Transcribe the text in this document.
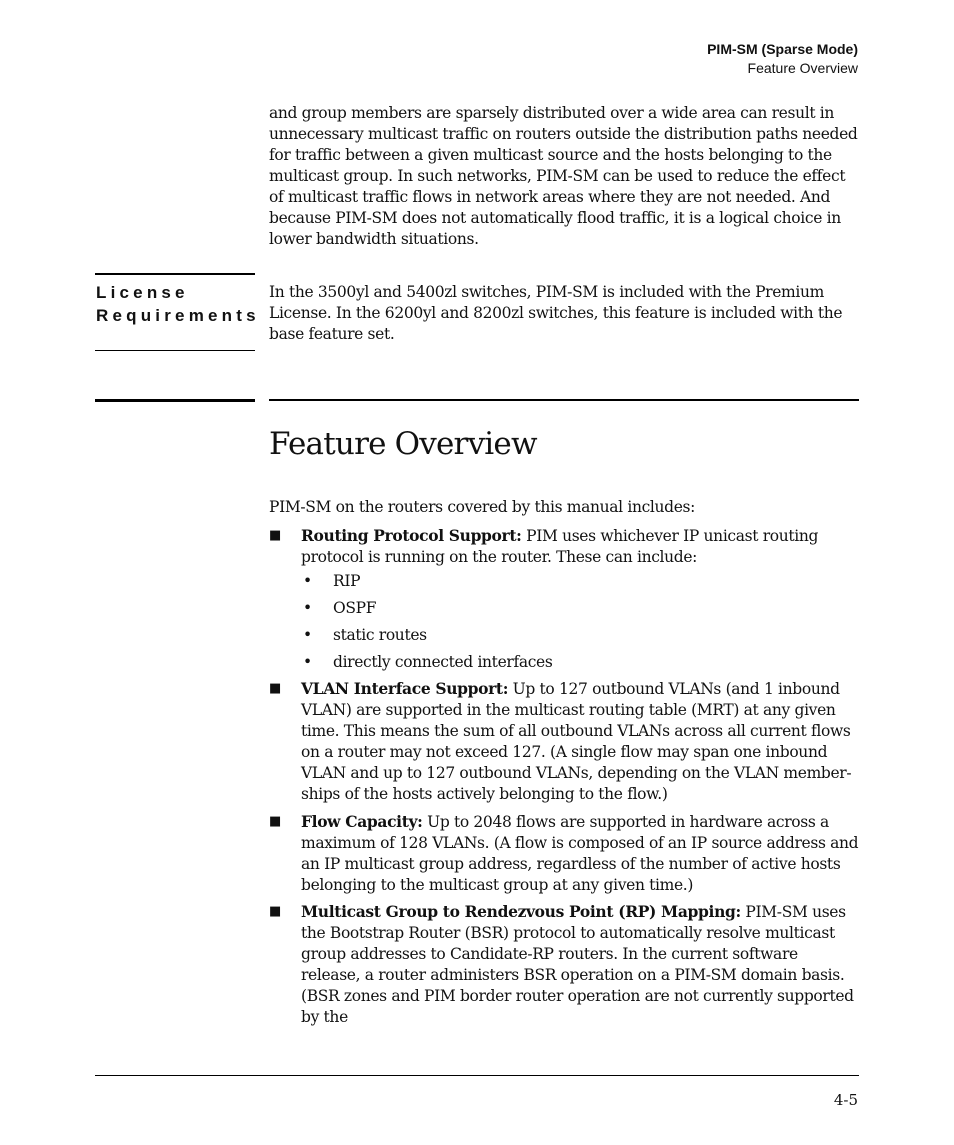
PIM-SM (Sparse Mode)
Feature Overview

and group members are sparsely distributed over a wide area can result in unnecessary multicast traffic on routers outside the distribution paths needed for traffic between a given multicast source and the hosts belonging to the multicast group. In such networks, PIM-SM can be used to reduce the effect of multicast traffic flows in network areas where they are not needed. And because PIM-SM does not automatically flood traffic, it is a logical choice in lower bandwidth situations.

License
Requirements

In the 3500yl and 5400zl switches, PIM-SM is included with the Premium License. In the 6200yl and 8200zl switches, this feature is included with the base feature set.

Feature Overview

PIM-SM on the routers covered by this manual includes:

■ Routing Protocol Support: PIM uses whichever IP unicast routing protocol is running on the router. These can include:

• RIP
• OSPF
• static routes
• directly connected interfaces
■ VLAN Interface Support: Up to 127 outbound VLANs (and 1 inbound VLAN) are supported in the multicast routing table (MRT) at any given time. This means the sum of all outbound VLANs across all current flows on a router may not exceed 127. (A single flow may span one inbound VLAN and up to 127 outbound VLANs, depending on the VLAN member-ships of the hosts actively belonging to the flow.)

■ Flow Capacity: Up to 2048 flows are supported in hardware across a maximum of 128 VLANs. (A flow is composed of an IP source address and an IP multicast group address, regardless of the number of active hosts belonging to the multicast group at any given time.)

■ Multicast Group to Rendezvous Point (RP) Mapping: PIM-SM uses the Bootstrap Router (BSR) protocol to automatically resolve multicast group addresses to Candidate-RP routers. In the current software release, a router administers BSR operation on a PIM-SM domain basis. (BSR zones and PIM border router operation are not currently supported by the

4-5
